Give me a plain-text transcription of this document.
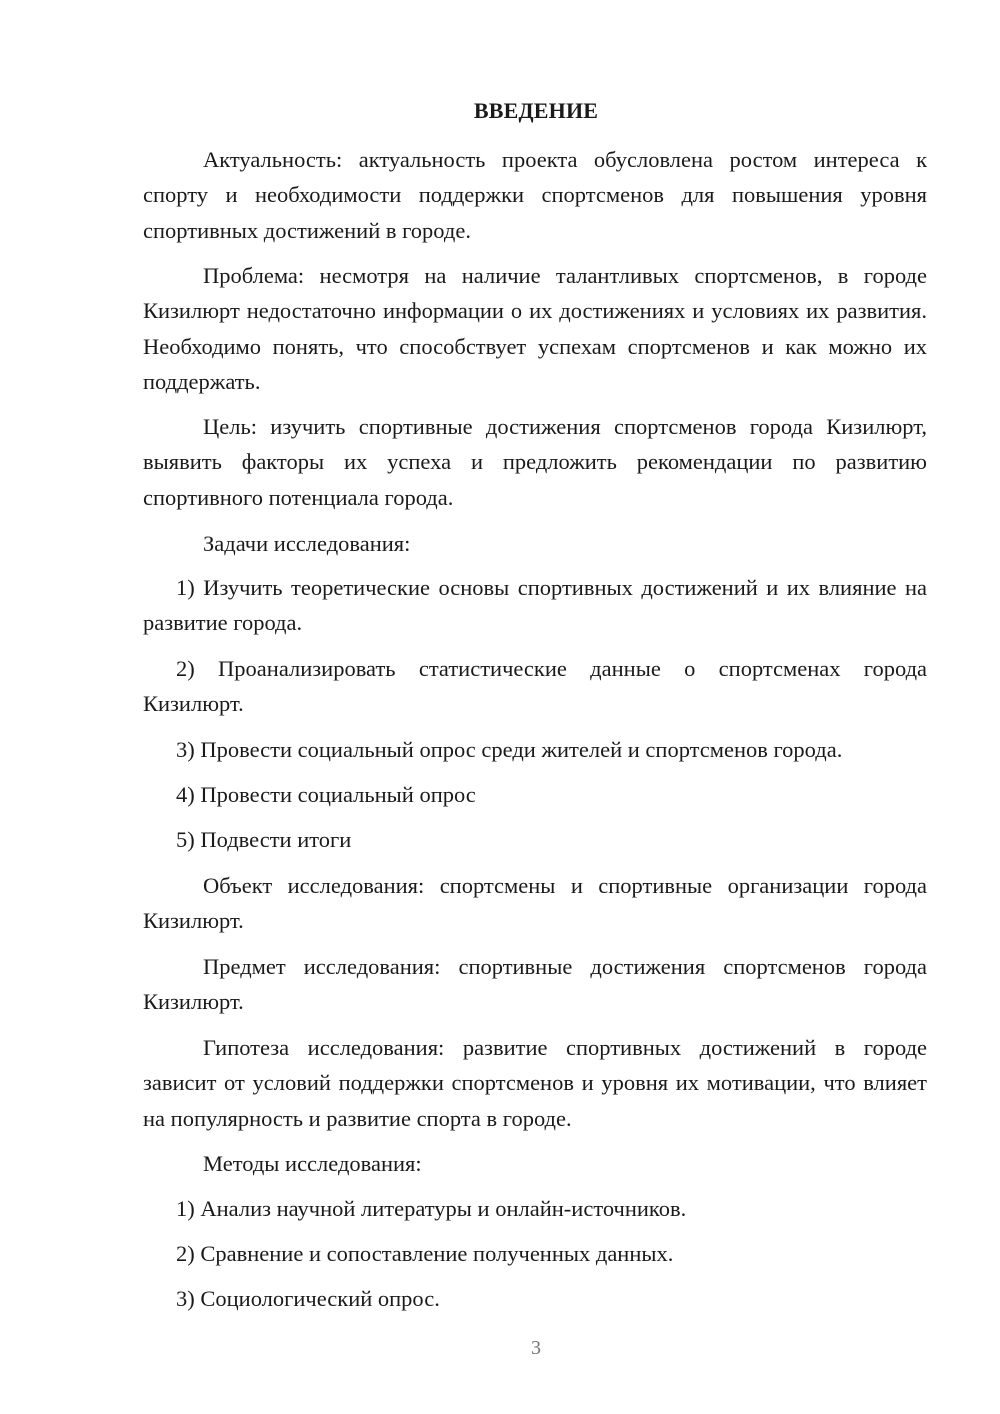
ВВЕДЕНИЕ

Актуальность: актуальность проекта обусловлена ростом интереса к спорту и необходимости поддержки спортсменов для повышения уровня спортивных достижений в городе.

Проблема: несмотря на наличие талантливых спортсменов, в городе Кизилюрт недостаточно информации о их достижениях и условиях их развития. Необходимо понять, что способствует успехам спортсменов и как можно их поддержать.

Цель: изучить спортивные достижения спортсменов города Кизилюрт, выявить факторы их успеха и предложить рекомендации по развитию спортивного потенциала города.

Задачи исследования:

1) Изучить теоретические основы спортивных достижений и их влияние на развитие города.

2) Проанализировать статистические данные о спортсменах города Кизилюрт.

3) Провести социальный опрос среди жителей и спортсменов города.

4) Провести социальный опрос

5) Подвести итоги

Объект исследования: спортсмены и спортивные организации города Кизилюрт.

Предмет исследования: спортивные достижения спортсменов города Кизилюрт.

Гипотеза исследования: развитие спортивных достижений в городе зависит от условий поддержки спортсменов и уровня их мотивации, что влияет на популярность и развитие спорта в городе.

Методы исследования:

1) Анализ научной литературы и онлайн-источников.

2) Сравнение и сопоставление полученных данных.

3) Социологический опрос.

3
